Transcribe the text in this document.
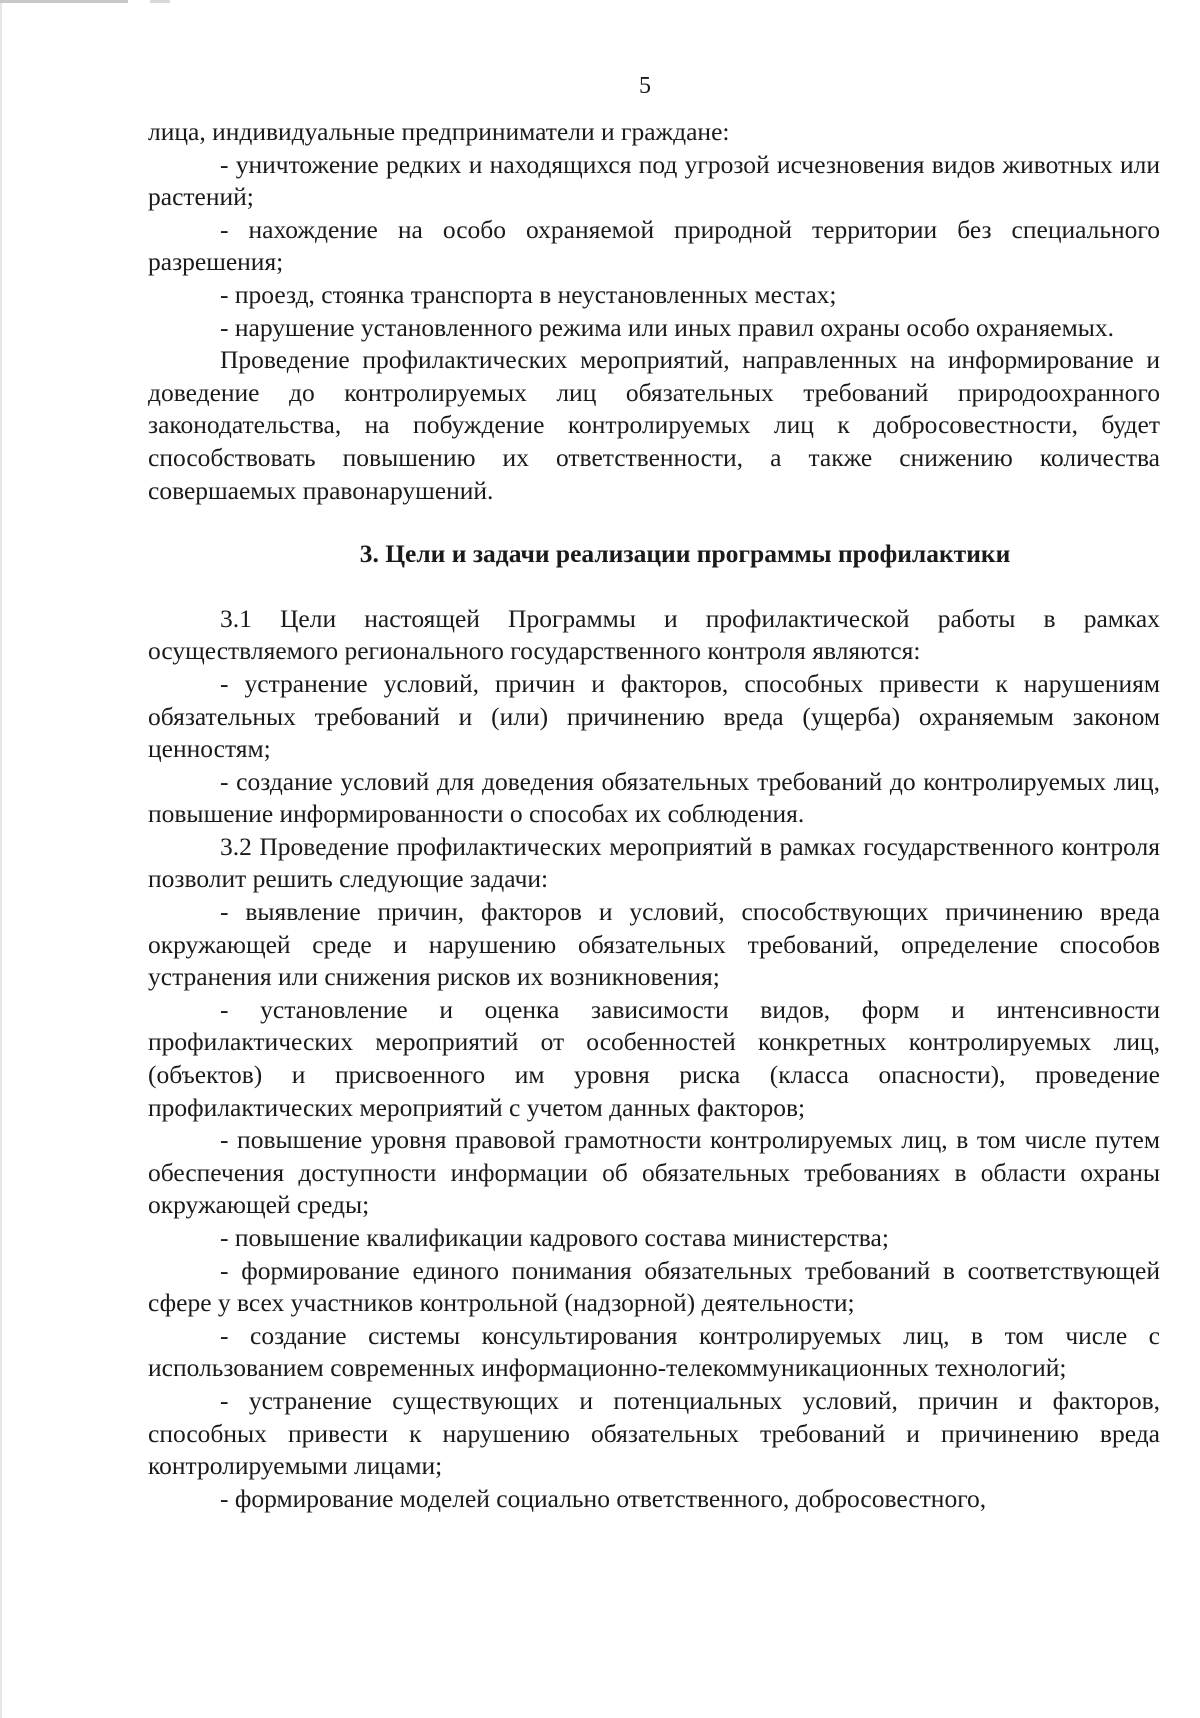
5

лица, индивидуальные предприниматели и граждане:

- уничтожение редких и находящихся под угрозой исчезновения видов животных или растений;

- нахождение на особо охраняемой природной территории без специального разрешения;

- проезд, стоянка транспорта в неустановленных местах;

- нарушение установленного режима или иных правил охраны особо охраняемых.

Проведение профилактических мероприятий, направленных на информирование и доведение до контролируемых лиц обязательных требований природоохранного законодательства, на побуждение контролируемых лиц к добросовестности, будет способствовать повышению их ответственности, а также снижению количества совершаемых правонарушений.

3. Цели и задачи реализации программы профилактики

3.1 Цели настоящей Программы и профилактической работы в рамках осуществляемого регионального государственного контроля являются:

- устранение условий, причин и факторов, способных привести к нарушениям обязательных требований и (или) причинению вреда (ущерба) охраняемым законом ценностям;

- создание условий для доведения обязательных требований до контролируемых лиц, повышение информированности о способах их соблюдения.

3.2 Проведение профилактических мероприятий в рамках государственного контроля позволит решить следующие задачи:

- выявление причин, факторов и условий, способствующих причинению вреда окружающей среде и нарушению обязательных требований, определение способов устранения или снижения рисков их возникновения;

- установление и оценка зависимости видов, форм и интенсивности профилактических мероприятий от особенностей конкретных контролируемых лиц, (объектов) и присвоенного им уровня риска (класса опасности), проведение профилактических мероприятий с учетом данных факторов;

- повышение уровня правовой грамотности контролируемых лиц, в том числе путем обеспечения доступности информации об обязательных требованиях в области охраны окружающей среды;

- повышение квалификации кадрового состава министерства;

- формирование единого понимания обязательных требований в соответствующей сфере у всех участников контрольной (надзорной) деятельности;

- создание системы консультирования контролируемых лиц, в том числе с использованием современных информационно-телекоммуникационных технологий;

- устранение существующих и потенциальных условий, причин и факторов, способных привести к нарушению обязательных требований и причинению вреда контролируемыми лицами;

- формирование моделей социально ответственного, добросовестного,
